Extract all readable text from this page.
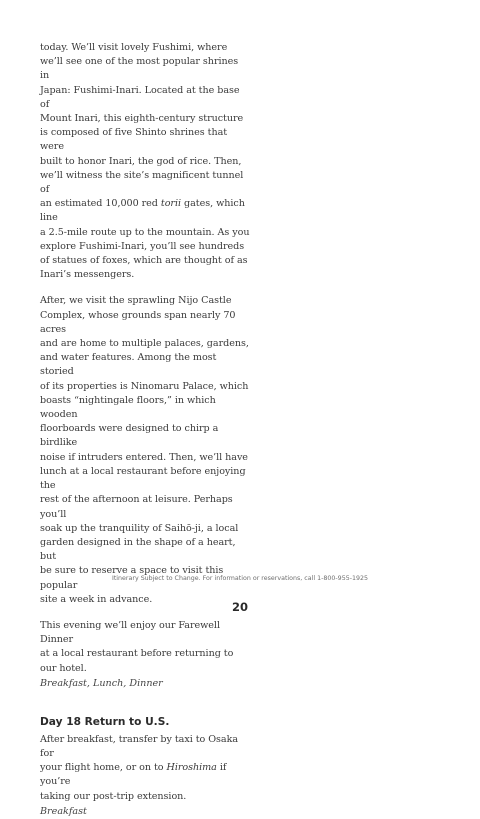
today. We’ll visit lovely Fushimi, where
we’ll see one of the most popular shrines in
Japan: Fushimi-Inari. Located at the base of
Mount Inari, this eighth-century structure
is composed of five Shinto shrines that were
built to honor Inari, the god of rice. Then,
we’ll witness the site’s magnificent tunnel of
an estimated 10,000 red torii gates, which line
a 2.5-mile route up to the mountain. As you
explore Fushimi-Inari, you’ll see hundreds
of statues of foxes, which are thought of as
Inari’s messengers.

After, we visit the sprawling Nijo Castle
Complex, whose grounds span nearly 70 acres
and are home to multiple palaces, gardens,
and water features. Among the most storied
of its properties is Ninomaru Palace, which
boasts “nightingale floors,” in which wooden
floorboards were designed to chirp a birdlike
noise if intruders entered. Then, we’ll have
lunch at a local restaurant before enjoying the
rest of the afternoon at leisure. Perhaps you’ll
soak up the tranquility of Saihō-ji, a local
garden designed in the shape of a heart, but
be sure to reserve a space to visit this popular
site a week in advance.

This evening we’ll enjoy our Farewell Dinner
at a local restaurant before returning to
our hotel.

Breakfast, Lunch, Dinner
Day 18 Return to U.S.

After breakfast, transfer by taxi to Osaka for
your flight home, or on to Hiroshima if you’re
taking our post-trip extension.

Breakfast
Itinerary Subject to Change. For information or reservations, call 1-800-955-1925
20
